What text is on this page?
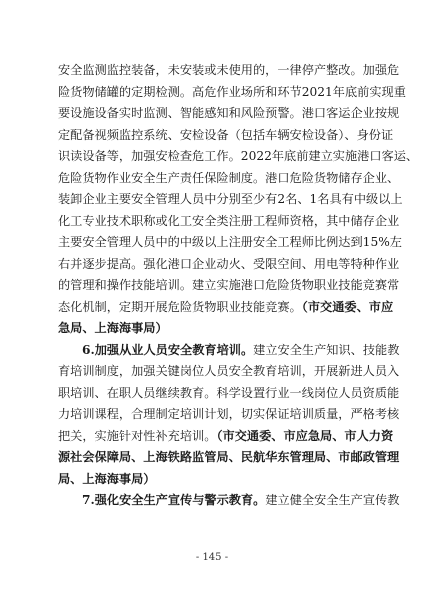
安全监测监控装备，未安装或未使用的，一律停产整改。加强危
险货物储罐的定期检测。高危作业场所和环节2021年底前实现重
要设施设备实时监测、智能感知和风险预警。港口客运企业按规
定配备视频监控系统、安检设备（包括车辆安检设备）、身份证
识读设备等，加强安检查危工作。2022年底前建立实施港口客运、
危险货物作业安全生产责任保险制度。港口危险货物储存企业、
装卸企业主要安全管理人员中分别至少有2名、1名具有中级以上
化工专业技术职称或化工安全类注册工程师资格，其中储存企业
主要安全管理人员中的中级以上注册安全工程师比例达到15%左
右并逐步提高。强化港口企业动火、受限空间、用电等特种作业
的管理和操作技能培训。建立实施港口危险货物职业技能竞赛常
态化机制，定期开展危险货物职业技能竞赛。（市交通委、市应
急局、上海海事局）
6.加强从业人员安全教育培训。建立安全生产知识、技能教
育培训制度，加强关键岗位人员安全教育培训，开展新进人员入
职培训、在职人员继续教育。科学设置行业一线岗位人员资质能
力培训课程，合理制定培训计划，切实保证培训质量，严格考核
把关，实施针对性补充培训。（市交通委、市应急局、市人力资
源社会保障局、上海铁路监管局、民航华东管理局、市邮政管理
局、上海海事局）
7.强化安全生产宣传与警示教育。建立健全安全生产宣传教
- 145 -
